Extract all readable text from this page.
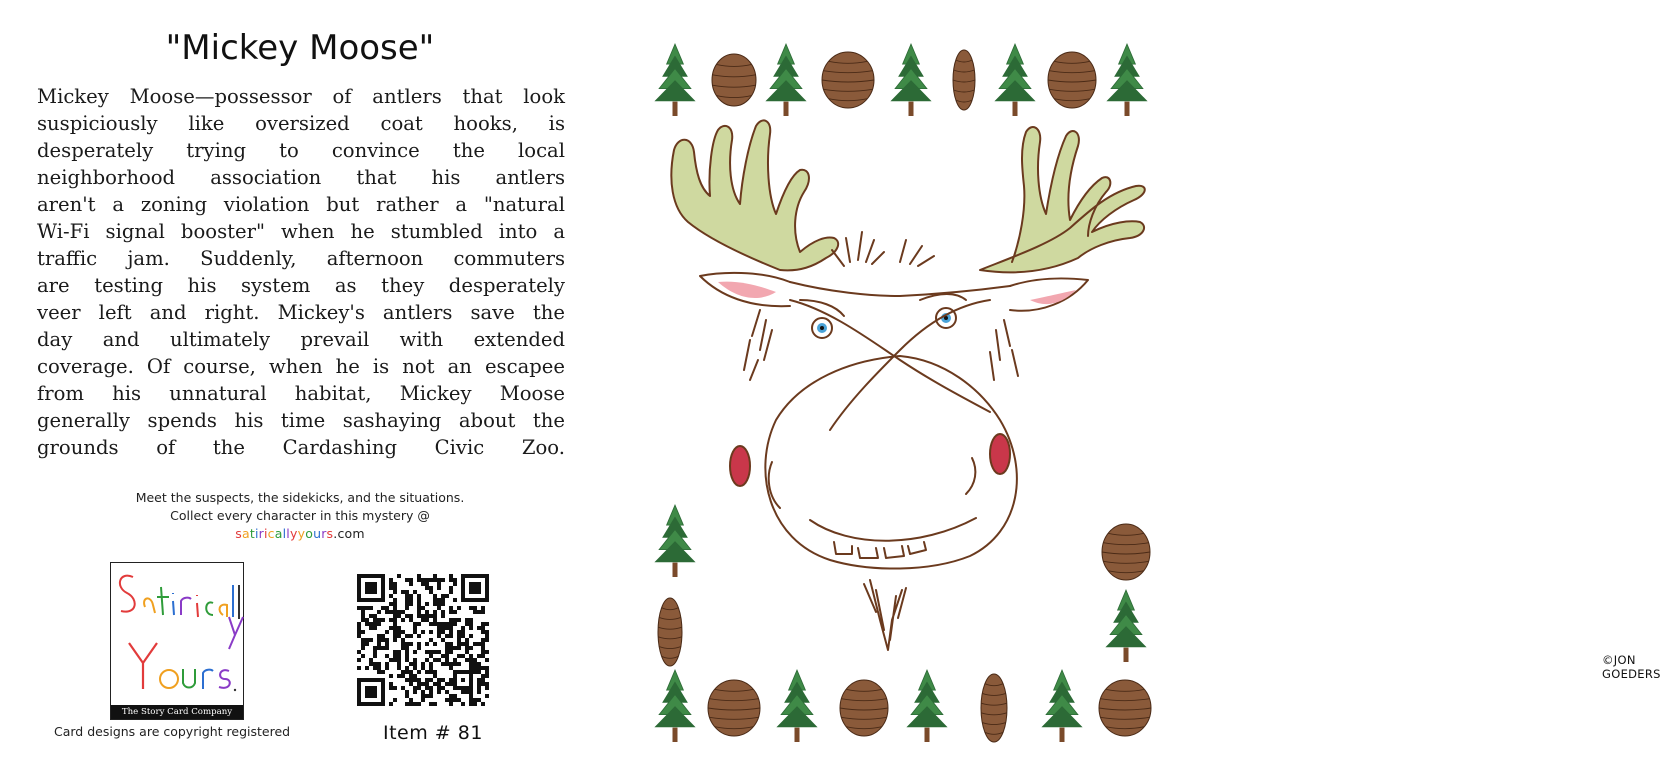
"Mickey Moose"
Mickey Moose—possessor of antlers that look
suspiciously like oversized coat hooks, is
desperately trying to convince the local
neighborhood association that his antlers
aren't a zoning violation but rather a "natural
Wi-Fi signal booster" when he stumbled into a
traffic jam. Suddenly, afternoon commuters
are testing his system as they desperately
veer left and right. Mickey's antlers save the
day and ultimately prevail with extended
coverage. Of course, when he is not an escapee
from his unnatural habitat, Mickey Moose
generally spends his time sashaying about the
grounds of the Cardashing Civic Zoo.
Meet the suspects, the sidekicks, and the situations.
Collect every character in this mystery @
satiricallyyours.com
The Story Card Company
Card designs are copyright registered	Item # 81
©JON GOEDERS
